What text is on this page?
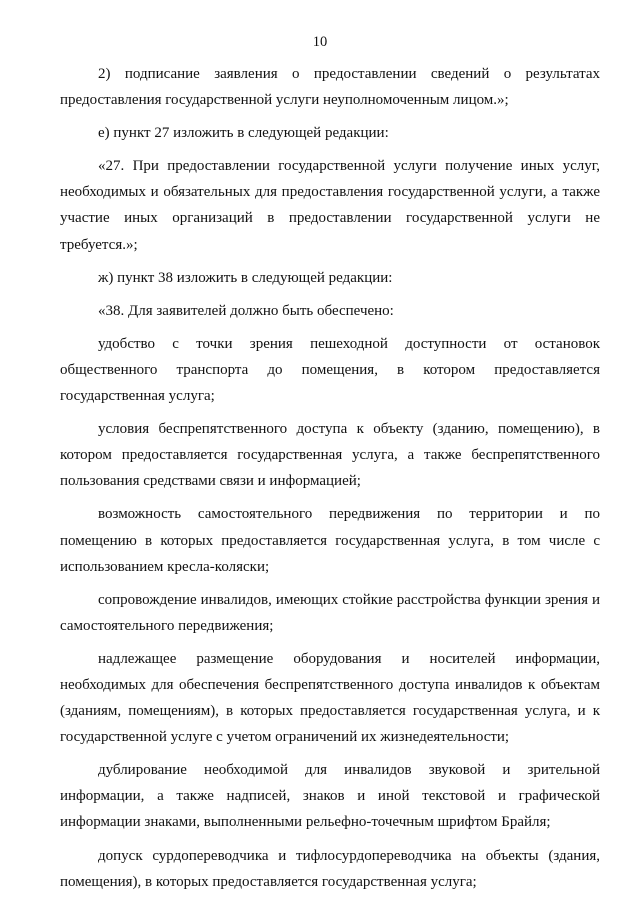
10

2) подписание заявления о предоставлении сведений о результатах предоставления государственной услуги неуполномоченным лицом.»;

е) пункт 27 изложить в следующей редакции:

«27. При предоставлении государственной услуги получение иных услуг, необходимых и обязательных для предоставления государственной услуги, а также участие иных организаций в предоставлении государственной услуги не требуется.»;

ж) пункт 38 изложить в следующей редакции:

«38. Для заявителей должно быть обеспечено:

удобство с точки зрения пешеходной доступности от остановок общественного транспорта до помещения, в котором предоставляется государственная услуга;

условия беспрепятственного доступа к объекту (зданию, помещению), в котором предоставляется государственная услуга, а также беспрепятственного пользования средствами связи и информацией;

возможность самостоятельного передвижения по территории и по помещению в которых предоставляется государственная услуга, в том числе с использованием кресла-коляски;

сопровождение инвалидов, имеющих стойкие расстройства функции зрения и самостоятельного передвижения;

надлежащее размещение оборудования и носителей информации, необходимых для обеспечения беспрепятственного доступа инвалидов к объектам (зданиям, помещениям), в которых предоставляется государственная услуга, и к государственной услуге с учетом ограничений их жизнедеятельности;

дублирование необходимой для инвалидов звуковой и зрительной информации, а также надписей, знаков и иной текстовой и графической информации знаками, выполненными рельефно-точечным шрифтом Брайля;

допуск сурдопереводчика и тифлосурдопереводчика на объекты (здания, помещения), в которых предоставляется государственная услуга;
